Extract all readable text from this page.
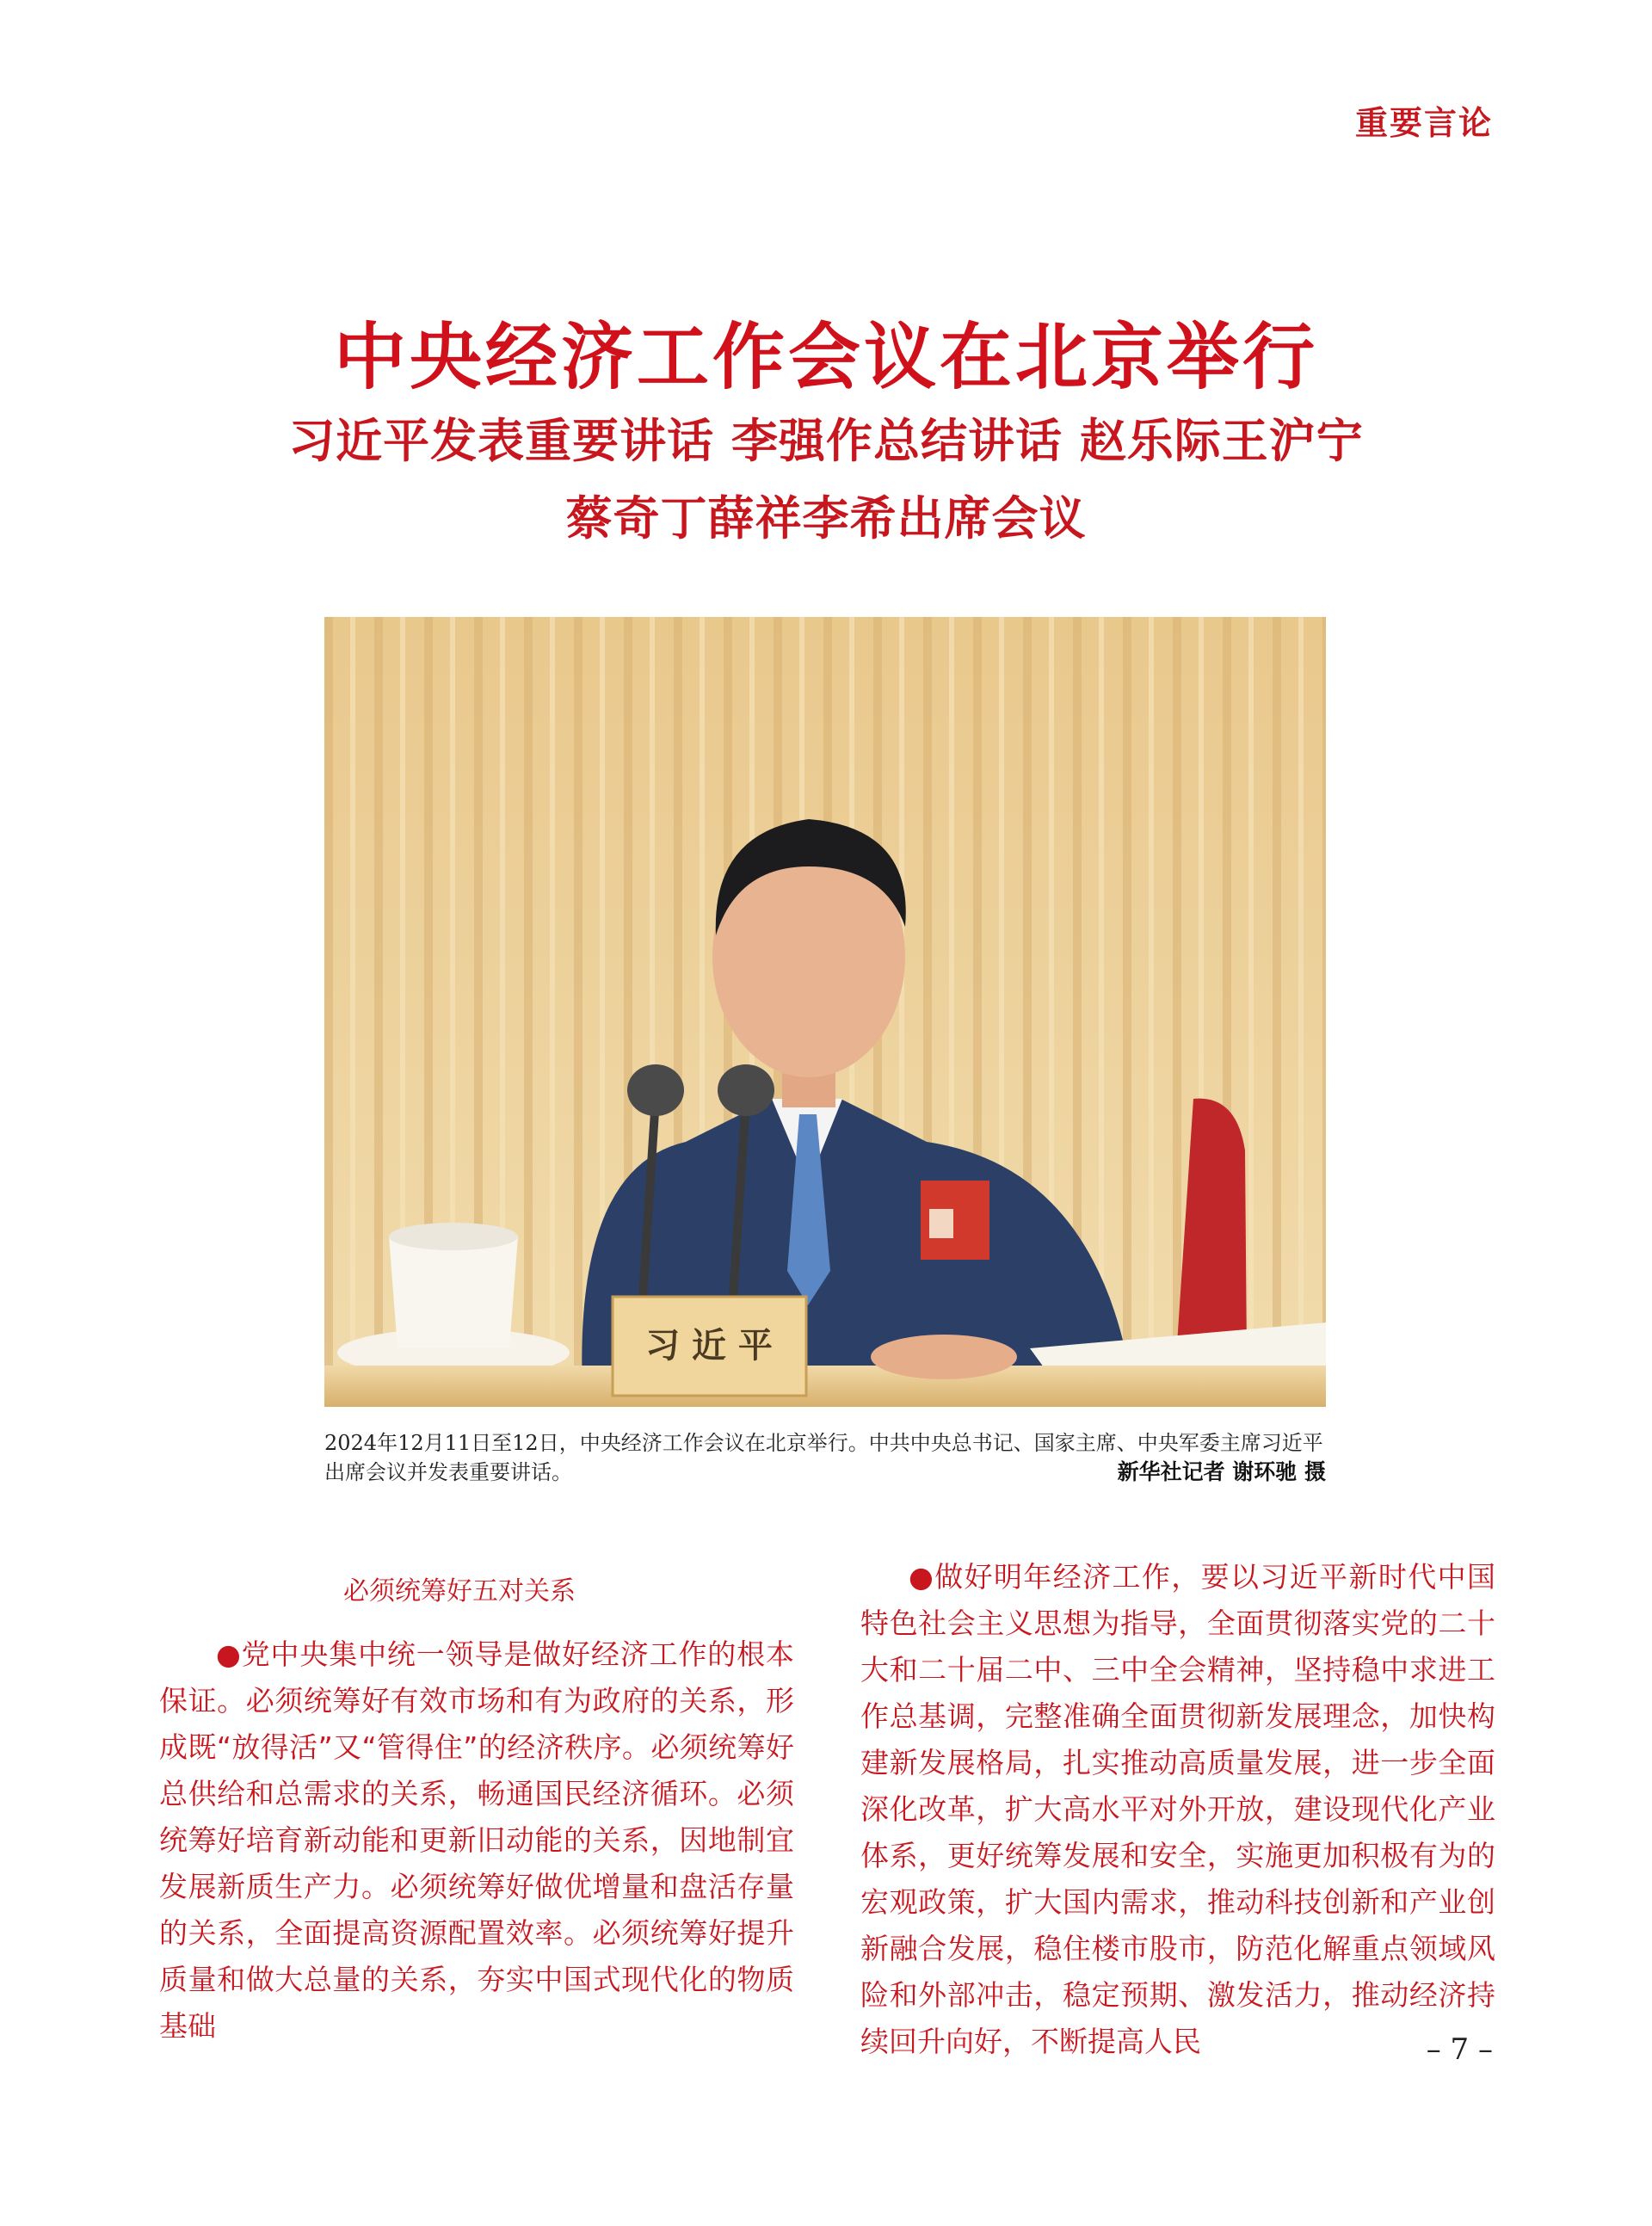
重要言论
中央经济工作会议在北京举行
习近平发表重要讲话 李强作总结讲话 赵乐际王沪宁
蔡奇丁薛祥李希出席会议
习 近 平
2024年12月11日至12日，中央经济工作会议在北京举行。中共中央总书记、国家主席、中央军委主席习近平出席会议并发表重要讲话。	新华社记者 谢环驰 摄
必须统筹好五对关系

●党中央集中统一领导是做好经济工作的根本保证。必须统筹好有效市场和有为政府的关系，形成既“放得活”又“管得住”的经济秩序。必须统筹好总供给和总需求的关系，畅通国民经济循环。必须统筹好培育新动能和更新旧动能的关系，因地制宜发展新质生产力。必须统筹好做优增量和盘活存量的关系，全面提高资源配置效率。必须统筹好提升质量和做大总量的关系，夯实中国式现代化的物质基础

●做好明年经济工作，要以习近平新时代中国特色社会主义思想为指导，全面贯彻落实党的二十大和二十届二中、三中全会精神，坚持稳中求进工作总基调，完整准确全面贯彻新发展理念，加快构建新发展格局，扎实推动高质量发展，进一步全面深化改革，扩大高水平对外开放，建设现代化产业体系，更好统筹发展和安全，实施更加积极有为的宏观政策，扩大国内需求，推动科技创新和产业创新融合发展，稳住楼市股市，防范化解重点领域风险和外部冲击，稳定预期、激发活力，推动经济持续回升向好，不断提高人民	– 7 –
